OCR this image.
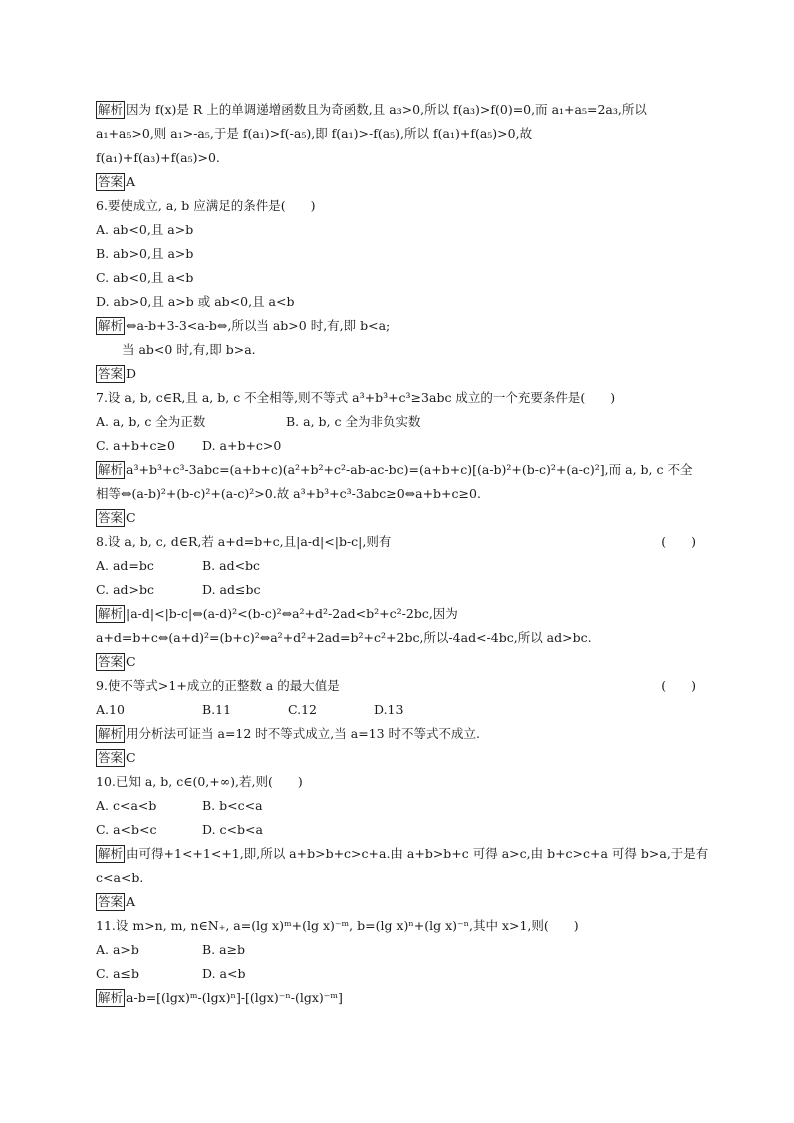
解析 因为 f(x)是 R 上的单调递增函数且为奇函数,且 a₃>0,所以 f(a₃)>f(0)=0,而 a₁+a₅=2a₃,所以
a₁+a₅>0,则 a₁>-a₅,于是 f(a₁)>f(-a₅),即 f(a₁)>-f(a₅),所以 f(a₁)+f(a₅)>0,故
f(a₁)+f(a₃)+f(a₅)>0.
答案 A
6.要使成立, a, b 应满足的条件是(　　)
A. ab<0,且 a>b
B. ab>0,且 a>b
C. ab<0,且 a<b
D. ab>0,且 a>b 或 ab<0,且 a<b
解析 ⇔a-b+3-3<a-b⇔,所以当 ab>0 时,有,即 b<a;
当 ab<0 时,有,即 b>a.
答案 D
7.设 a, b, c∈R,且 a, b, c 不全相等,则不等式 a³+b³+c³≥3abc 成立的一个充要条件是(　　)
A. a, b, c 全为正数	B. a, b, c 全为非负实数
C. a+b+c≥0 D. a+b+c>0
解析 a³+b³+c³-3abc=(a+b+c)(a²+b²+c²-ab-ac-bc)=(a+b+c)[(a-b)²+(b-c)²+(a-c)²],而 a, b, c 不全
相等⇔(a-b)²+(b-c)²+(a-c)²>0.故 a³+b³+c³-3abc≥0⇔a+b+c≥0.
答案 C
8.设 a, b, c, d∈R,若 a+d=b+c,且|a-d|<|b-c|,则有	(　　)
A. ad=bc	B. ad<bc
C. ad>bc	D. ad≤bc
解析 |a-d|<|b-c|⇔(a-d)²<(b-c)²⇔a²+d²-2ad<b²+c²-2bc,因为
a+d=b+c⇔(a+d)²=(b+c)²⇔a²+d²+2ad=b²+c²+2bc,所以-4ad<-4bc,所以 ad>bc.
答案 C
9.使不等式>1+成立的正整数 a 的最大值是	(　　)
A.10	B.11	C.12	D.13
解析 用分析法可证当 a=12 时不等式成立,当 a=13 时不等式不成立.
答案 C
10.已知 a, b, c∈(0,+∞),若,则(　　)
A. c<a<b	B. b<c<a
C. a<b<c	D. c<b<a
解析 由可得+1<+1<+1,即,所以 a+b>b+c>c+a.由 a+b>b+c 可得 a>c,由 b+c>c+a 可得 b>a,于是有
c<a<b.
答案 A
11.设 m>n, m, n∈N₊, a=(lg x)ᵐ+(lg x)⁻ᵐ, b=(lg x)ⁿ+(lg x)⁻ⁿ,其中 x>1,则(　　)
A. a>b	B. a≥b
C. a≤b	D. a<b
解析 a-b=[(lgx)ᵐ-(lgx)ⁿ]-[(lgx)⁻ⁿ-(lgx)⁻ᵐ]
